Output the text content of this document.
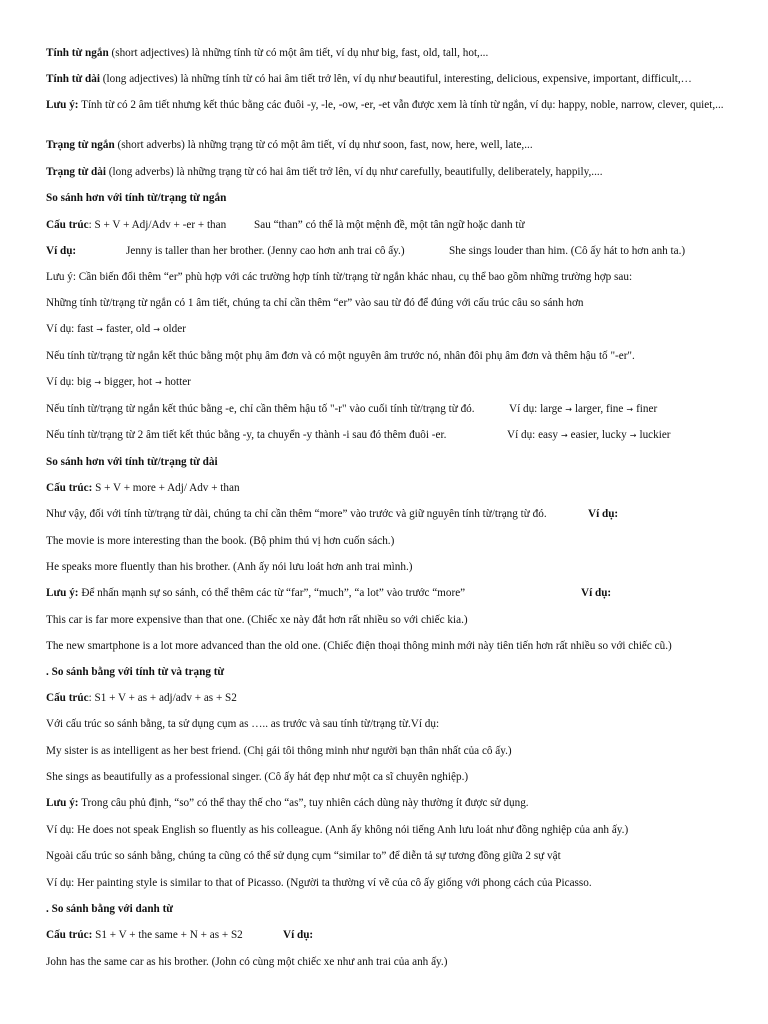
Tính từ ngắn (short adjectives) là những tính từ có một âm tiết, ví dụ như big, fast, old, tall, hot,...
Tính từ dài (long adjectives) là những tính từ có hai âm tiết trở lên, ví dụ như beautiful, interesting, delicious, expensive, important, difficult,…
Lưu ý: Tính từ có 2 âm tiết nhưng kết thúc bằng các đuôi -y, -le, -ow, -er, -et vẫn được xem là tính từ ngắn, ví dụ: happy, noble, narrow, clever, quiet,...
Trạng từ ngắn (short adverbs) là những trạng từ có một âm tiết, ví dụ như soon, fast, now, here, well, late,...
Trạng từ dài (long adverbs) là những trạng từ có hai âm tiết trở lên, ví dụ như carefully, beautifully, deliberately, happily,....
So sánh hơn với tính từ/trạng từ ngắn
Cấu trúc: S + V + Adj/Adv + -er + than Sau “than” có thể là một mệnh đề, một tân ngữ hoặc danh từ
Ví dụ:	Jenny is taller than her brother. (Jenny cao hơn anh trai cô ấy.)	She sings louder than him. (Cô ấy hát to hơn anh ta.)
Lưu ý: Cần biến đổi thêm “er” phù hợp với các trường hợp tính từ/trạng từ ngắn khác nhau, cụ thể bao gồm những trường hợp sau:
Những tính từ/trạng từ ngắn có 1 âm tiết, chúng ta chỉ cần thêm “er” vào sau từ đó để đúng với cấu trúc câu so sánh hơn
Ví dụ: fast → faster, old → older
Nếu tính từ/trạng từ ngắn kết thúc bằng một phụ âm đơn và có một nguyên âm trước nó, nhân đôi phụ âm đơn và thêm hậu tố "-er".
Ví dụ: big → bigger, hot → hotter
Nếu tính từ/trạng từ ngắn kết thúc bằng -e, chỉ cần thêm hậu tố "-r" vào cuối tính từ/trạng từ đó.	Ví dụ: large → larger, fine → finer
Nếu tính từ/trạng từ 2 âm tiết kết thúc bằng -y, ta chuyển -y thành -i sau đó thêm đuôi -er.	Ví dụ: easy → easier, lucky → luckier
So sánh hơn với tính từ/trạng từ dài
Cấu trúc: S + V + more + Adj/ Adv + than
Như vậy, đối với tính từ/trạng từ dài, chúng ta chỉ cần thêm “more” vào trước và giữ nguyên tính từ/trạng từ đó.	Ví dụ:
The movie is more interesting than the book. (Bộ phim thú vị hơn cuốn sách.)
He speaks more fluently than his brother. (Anh ấy nói lưu loát hơn anh trai mình.)
Lưu ý: Để nhấn mạnh sự so sánh, có thể thêm các từ “far”, “much”, “a lot” vào trước “more”	Ví dụ:
This car is far more expensive than that one. (Chiếc xe này đắt hơn rất nhiều so với chiếc kia.)
The new smartphone is a lot more advanced than the old one. (Chiếc điện thoại thông minh mới này tiên tiến hơn rất nhiều so với chiếc cũ.)
. So sánh bằng với tính từ và trạng từ
Cấu trúc: S1 + V + as + adj/adv + as + S2
Với cấu trúc so sánh bằng, ta sử dụng cụm as ….. as trước và sau tính từ/trạng từ.Ví dụ:
My sister is as intelligent as her best friend. (Chị gái tôi thông minh như người bạn thân nhất của cô ấy.)
She sings as beautifully as a professional singer. (Cô ấy hát đẹp như một ca sĩ chuyên nghiệp.)
Lưu ý: Trong câu phủ định, “so” có thể thay thế cho “as”, tuy nhiên cách dùng này thường ít được sử dụng.
Ví dụ: He does not speak English so fluently as his colleague. (Anh ấy không nói tiếng Anh lưu loát như đồng nghiệp của anh ấy.)
Ngoài cấu trúc so sánh bằng, chúng ta cũng có thể sử dụng cụm “similar to” để diễn tả sự tương đồng giữa 2 sự vật
Ví dụ: Her painting style is similar to that of Picasso. (Người ta thường ví vẽ của cô ấy giống với phong cách của Picasso.
. So sánh bằng với danh từ
Cấu trúc: S1 + V + the same + N + as + S2	Ví dụ:
John has the same car as his brother. (John có cùng một chiếc xe như anh trai của anh ấy.)
